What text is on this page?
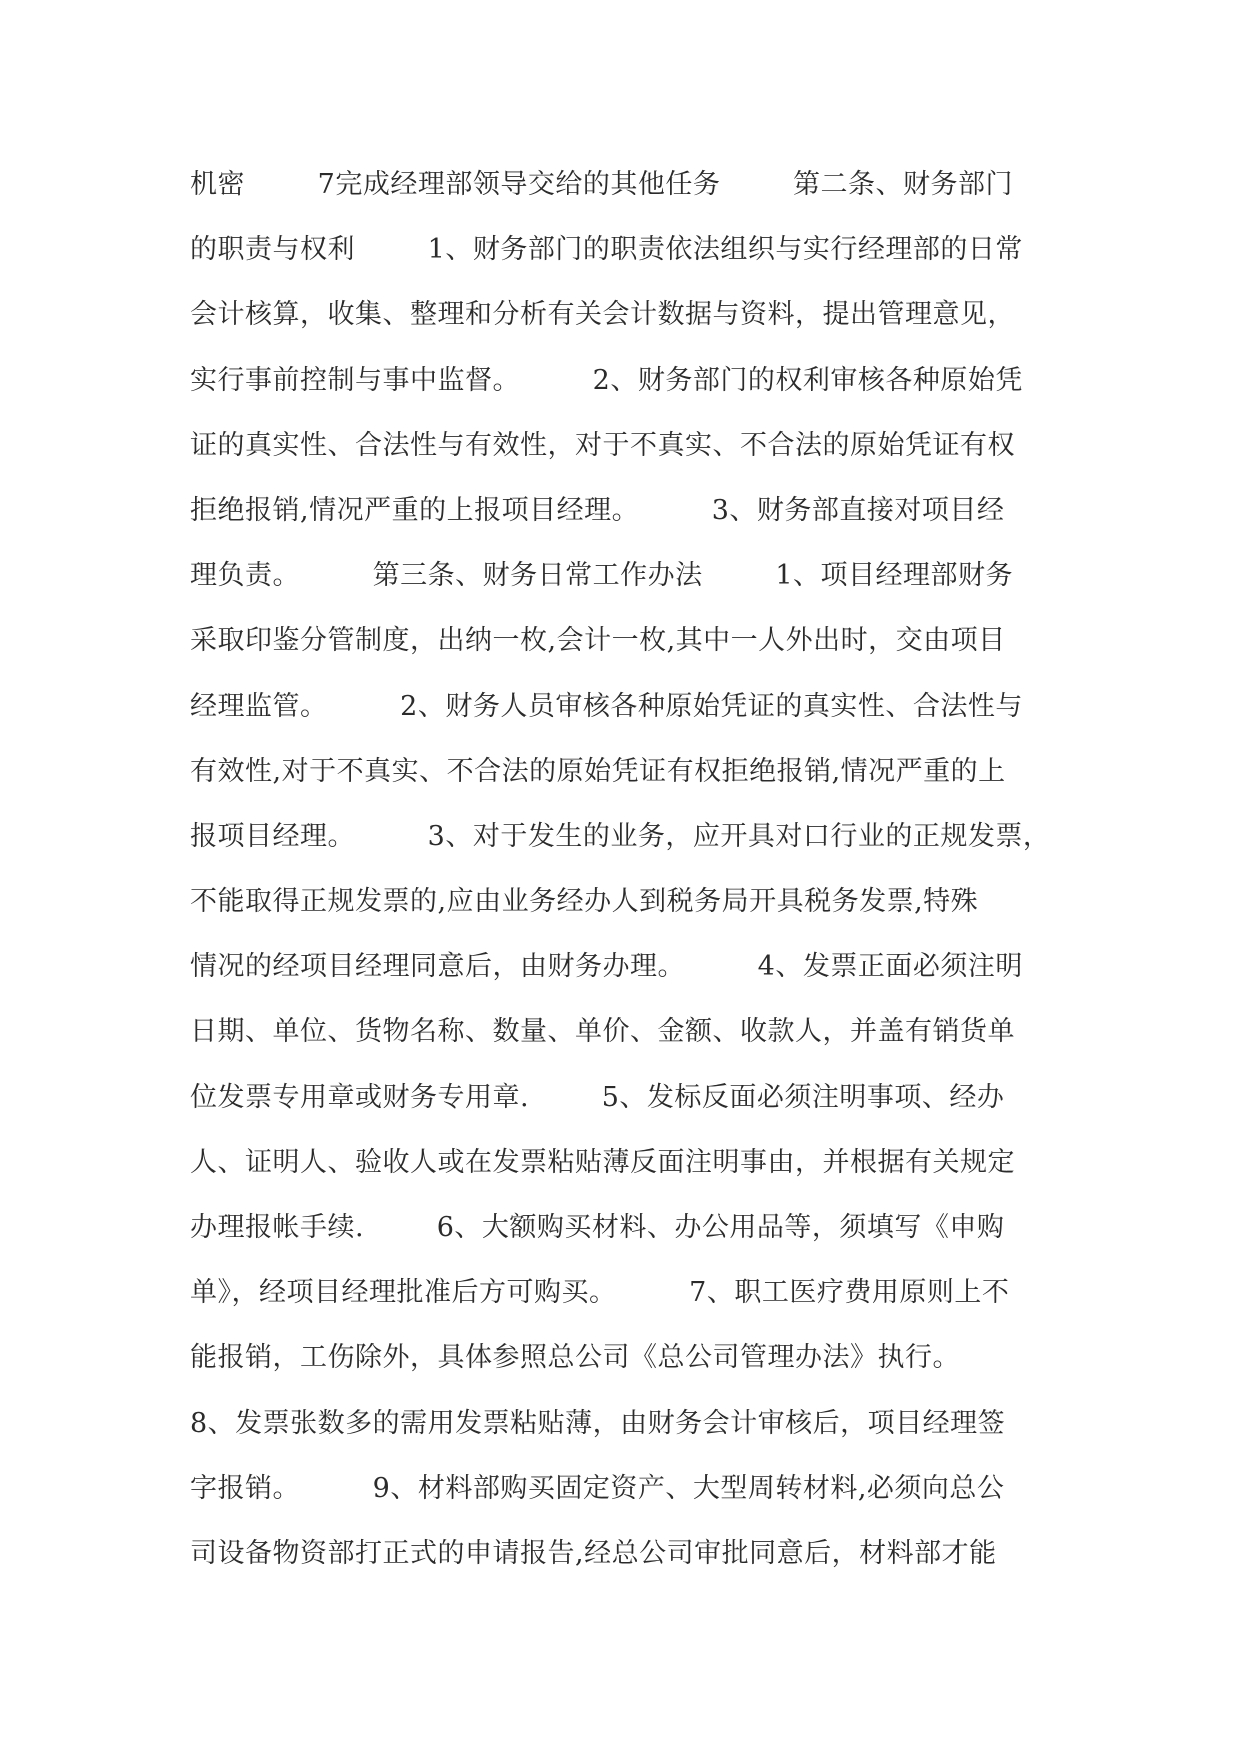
机密        7完成经理部领导交给的其他任务        第二条、财务部门
的职责与权利        1、财务部门的职责依法组织与实行经理部的日常
会计核算，收集、整理和分析有关会计数据与资料，提出管理意见，
实行事前控制与事中监督。        2、财务部门的权利审核各种原始凭
证的真实性、合法性与有效性，对于不真实、不合法的原始凭证有权
拒绝报销,情况严重的上报项目经理。        3、财务部直接对项目经
理负责。        第三条、财务日常工作办法        1、项目经理部财务
采取印鉴分管制度，出纳一枚,会计一枚,其中一人外出时，交由项目
经理监管。        2、财务人员审核各种原始凭证的真实性、合法性与
有效性,对于不真实、不合法的原始凭证有权拒绝报销,情况严重的上
报项目经理。        3、对于发生的业务，应开具对口行业的正规发票，
不能取得正规发票的,应由业务经办人到税务局开具税务发票,特殊
情况的经项目经理同意后，由财务办理。        4、发票正面必须注明
日期、单位、货物名称、数量、单价、金额、收款人，并盖有销货单
位发票专用章或财务专用章.        5、发标反面必须注明事项、经办
人、证明人、验收人或在发票粘贴薄反面注明事由，并根据有关规定
办理报帐手续.        6、大额购买材料、办公用品等，须填写《申购
单》，经项目经理批准后方可购买。        7、职工医疗费用原则上不
能报销，工伤除外，具体参照总公司《总公司管理办法》执行。
8、发票张数多的需用发票粘贴薄，由财务会计审核后，项目经理签
字报销。        9、材料部购买固定资产、大型周转材料,必须向总公
司设备物资部打正式的申请报告,经总公司审批同意后，材料部才能
